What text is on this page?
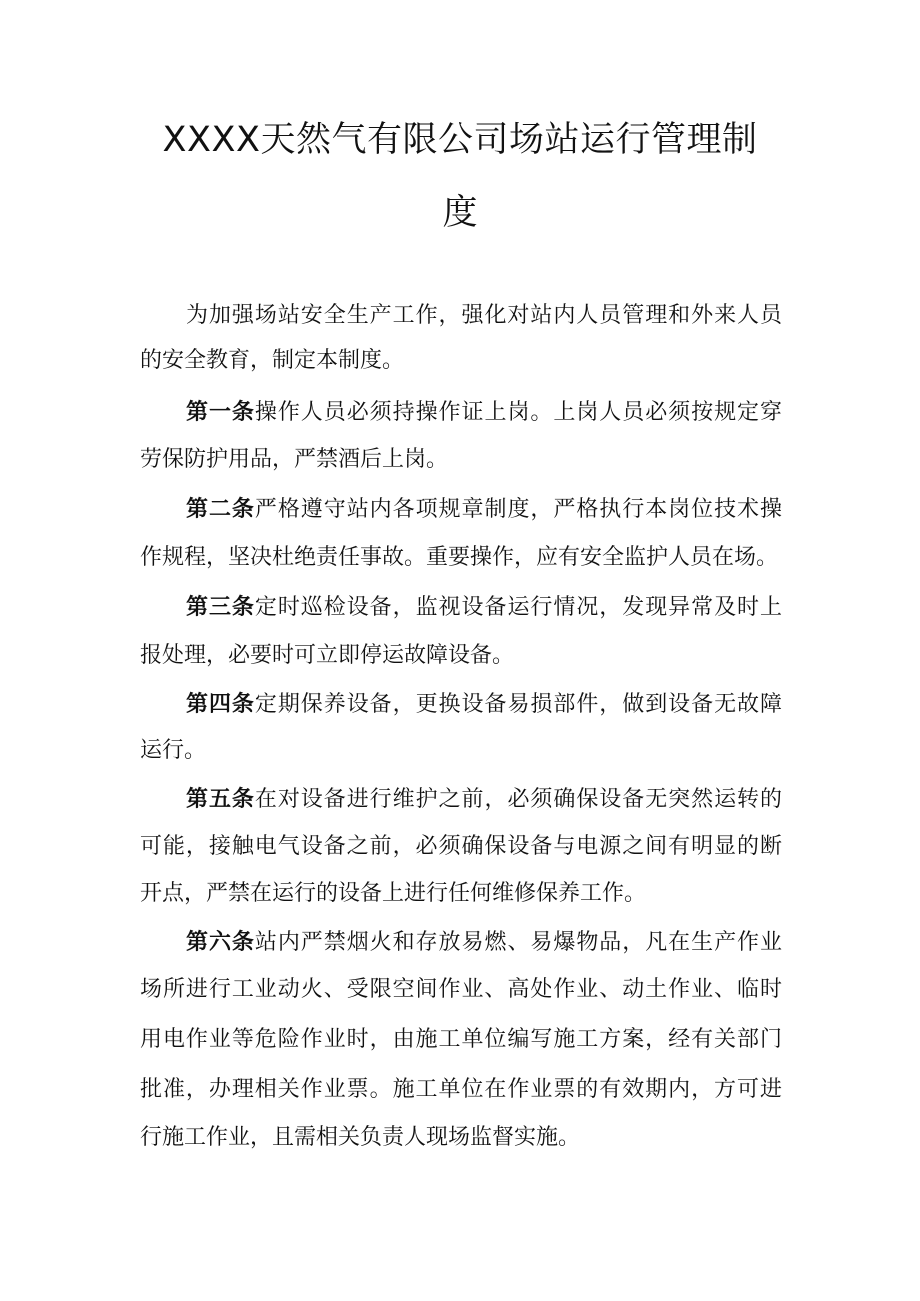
XXXX天然气有限公司场站运行管理制
度
为加强场站安全生产工作，强化对站内人员管理和外来人员
的安全教育，制定本制度。
第一条操作人员必须持操作证上岗。上岗人员必须按规定穿
劳保防护用品，严禁酒后上岗。
第二条严格遵守站内各项规章制度，严格执行本岗位技术操
作规程，坚决杜绝责任事故。重要操作，应有安全监护人员在场。
第三条定时巡检设备，监视设备运行情况，发现异常及时上
报处理，必要时可立即停运故障设备。
第四条定期保养设备，更换设备易损部件，做到设备无故障
运行。
第五条在对设备进行维护之前，必须确保设备无突然运转的
可能，接触电气设备之前，必须确保设备与电源之间有明显的断
开点，严禁在运行的设备上进行任何维修保养工作。
第六条站内严禁烟火和存放易燃、易爆物品，凡在生产作业
场所进行工业动火、受限空间作业、高处作业、动土作业、临时
用电作业等危险作业时，由施工单位编写施工方案，经有关部门
批准，办理相关作业票。施工单位在作业票的有效期内，方可进
行施工作业，且需相关负责人现场监督实施。
